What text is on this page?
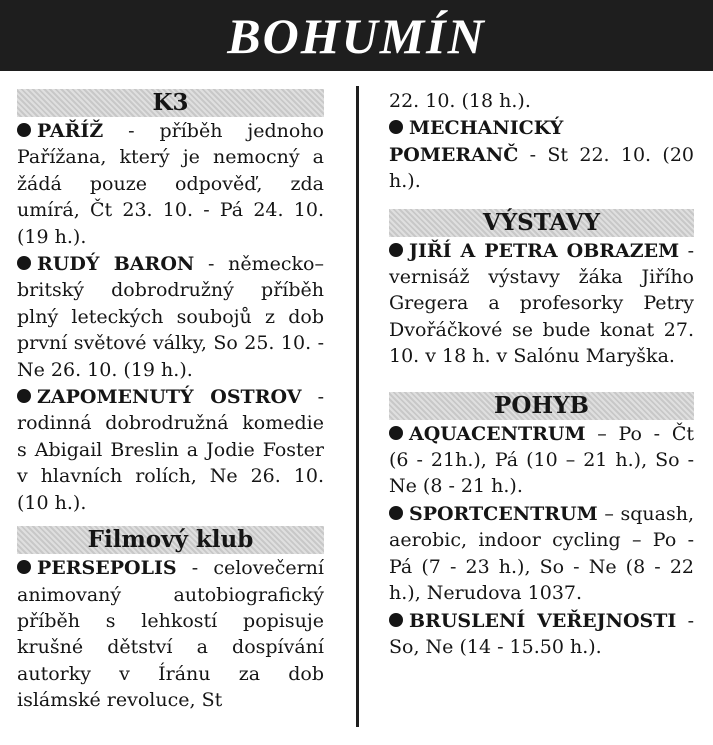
BOHUMÍN
K3
PAŘÍŽ - příběh jednoho Pařížana, který je nemocný a žádá pouze odpověď, zda umírá, Čt 23. 10. - Pá 24. 10. (19 h.).
RUDÝ BARON - německo–britský dobrodružný příběh plný leteckých soubojů z dob první světové války, So 25. 10. - Ne 26. 10. (19 h.).
ZAPOMENUTÝ OSTROV - rodinná dobrodružná komedie s Abigail Breslin a Jodie Foster v hlavních rolích, Ne 26. 10. (10 h.).
Filmový klub
PERSEPOLIS - celovečerní animovaný autobiografický příběh s lehkostí popisuje krušné dětství a dospívání autorky v Íránu za dob islámské revoluce, St
22. 10. (18 h.).
MECHANICKÝ POMERANČ - St 22. 10. (20 h.).
VÝSTAVY
JIŘÍ A PETRA OBRAZEM - vernisáž výstavy žáka Jiřího Gregera a profesorky Petry Dvořáčkové se bude konat 27. 10. v 18 h. v Salónu Maryška.
POHYB
AQUACENTRUM – Po - Čt (6 - 21h.), Pá (10 – 21 h.), So - Ne (8 - 21 h.).
SPORTCENTRUM – squash, aerobic, indoor cycling – Po - Pá (7 - 23 h.), So - Ne (8 - 22 h.), Nerudova 1037.
BRUSLENÍ VEŘEJNOSTI - So, Ne (14 - 15.50 h.).
